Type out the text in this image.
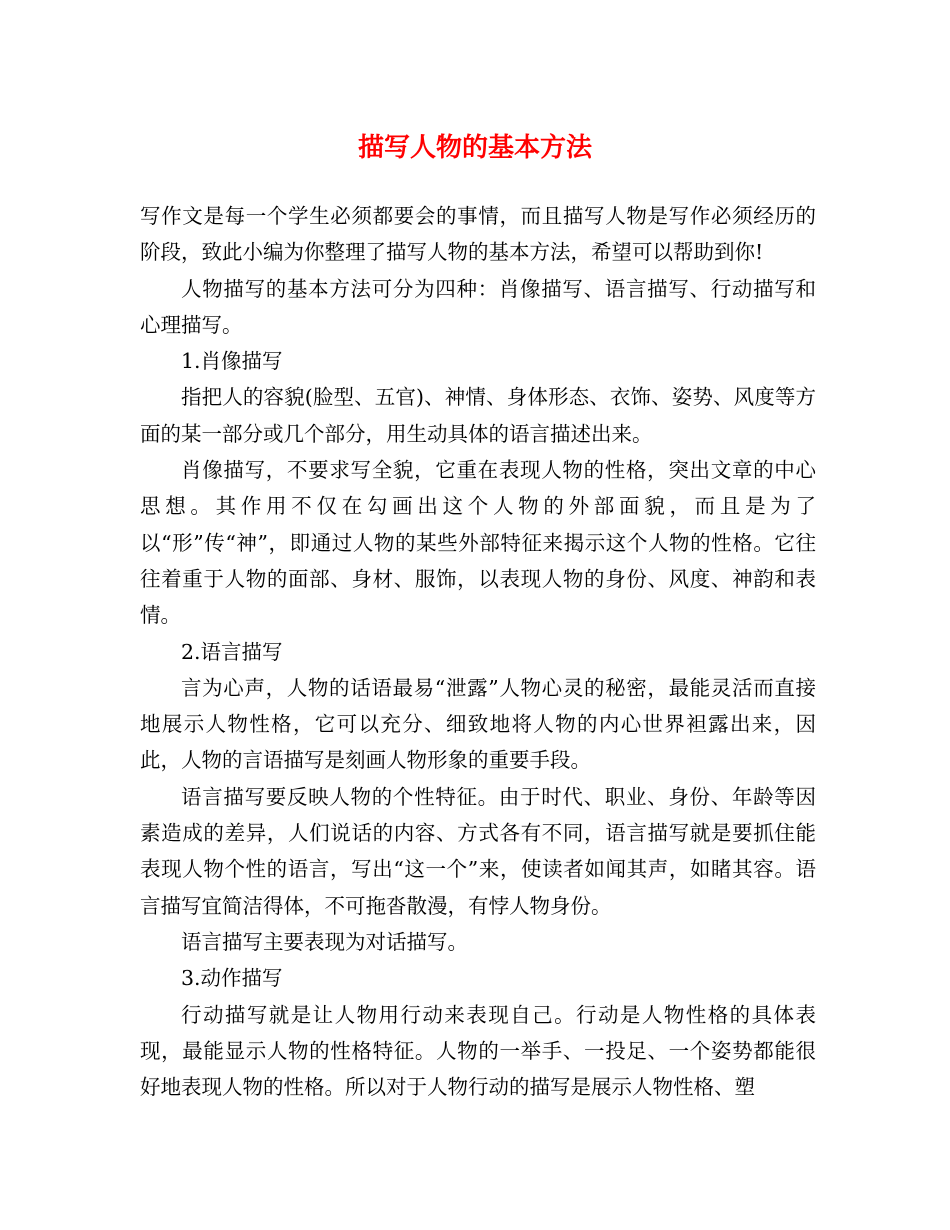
描写人物的基本方法

写作文是每一个学生必须都要会的事情，而且描写人物是写作必须经历的阶段，致此小编为你整理了描写人物的基本方法，希望可以帮助到你!

人物描写的基本方法可分为四种：肖像描写、语言描写、行动描写和心理描写。

1.肖像描写

指把人的容貌(脸型、五官)、神情、身体形态、衣饰、姿势、风度等方面的某一部分或几个部分，用生动具体的语言描述出来。

肖像描写，不要求写全貌，它重在表现人物的性格，突出文章的中心思想。其作用不仅在勾画出这个人物的外部面貌，而且是为了以“形”传“神”，即通过人物的某些外部特征来揭示这个人物的性格。它往往着重于人物的面部、身材、服饰，以表现人物的身份、风度、神韵和表情。

2.语言描写

言为心声，人物的话语最易“泄露”人物心灵的秘密，最能灵活而直接地展示人物性格，它可以充分、细致地将人物的内心世界袒露出来，因此，人物的言语描写是刻画人物形象的重要手段。

语言描写要反映人物的个性特征。由于时代、职业、身份、年龄等因素造成的差异，人们说话的内容、方式各有不同，语言描写就是要抓住能表现人物个性的语言，写出“这一个”来，使读者如闻其声，如睹其容。语言描写宜简洁得体，不可拖沓散漫，有悖人物身份。

语言描写主要表现为对话描写。

3.动作描写

行动描写就是让人物用行动来表现自己。行动是人物性格的具体表现，最能显示人物的性格特征。人物的一举手、一投足、一个姿势都能很好地表现人物的性格。所以对于人物行动的描写是展示人物性格、塑
